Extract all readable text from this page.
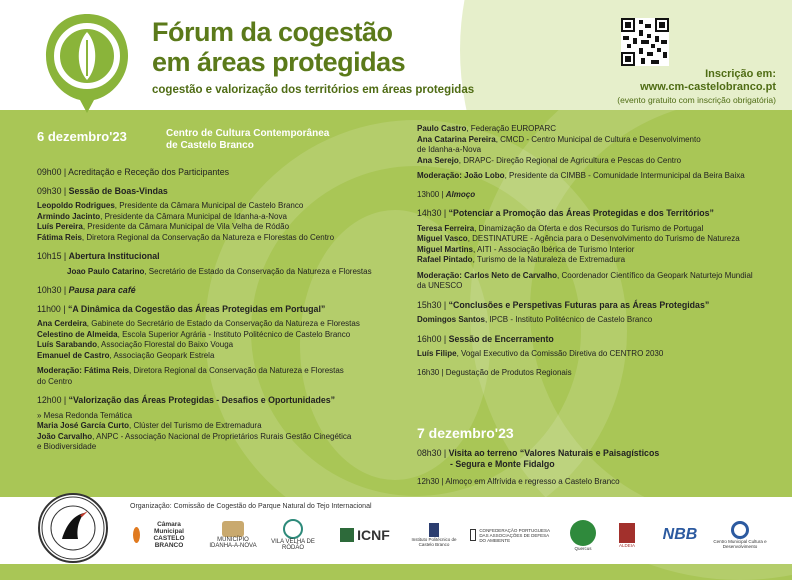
Fórum da cogestão
em áreas protegidas
cogestão e valorização dos territórios em áreas protegidas
Inscrição em:
www.cm-castelobranco.pt
(evento gratuito com inscrição obrigatória)
6 dezembro'23	Centro de Cultura Contemporânea
de Castelo Branco

09h00 | Acreditação e Receção dos Participantes

09h30 | Sessão de Boas-Vindas

Leopoldo Rodrigues, Presidente da Câmara Municipal de Castelo Branco

Armindo Jacinto, Presidente da Câmara Municipal de Idanha-a-Nova

Luís Pereira, Presidente da Câmara Municipal de Vila Velha de Ródão

Fátima Reis, Diretora Regional da Conservação da Natureza e Florestas do Centro

10h15 | Abertura Institucional

Joao Paulo Catarino, Secretário de Estado da Conservação da Natureza e Florestas

10h30 | Pausa para café

11h00 | “A Dinâmica da Cogestão das Áreas Protegidas em Portugal”

Ana Cerdeira, Gabinete do Secretário de Estado da Conservação da Natureza e Florestas

Celestino de Almeida, Escola Superior Agrária - Instituto Politécnico de Castelo Branco

Luís Sarabando, Associação Florestal do Baixo Vouga

Emanuel de Castro, Associação Geopark Estrela

Moderação: Fátima Reis, Diretora Regional da Conservação da Natureza e Florestas

do Centro

12h00 | “Valorização das Áreas Protegidas - Desafios e Oportunidades”

» Mesa Redonda Temática

Maria José García Curto, Clúster del Turismo de Extremadura

João Carvalho, ANPC - Associação Nacional de Proprietários Rurais Gestão Cinegética

e Biodiversidade

Paulo Castro, Federação EUROPARC

Ana Catarina Pereira, CMCD - Centro Municipal de Cultura e Desenvolvimento

de Idanha-a-Nova

Ana Serejo, DRAPC- Direção Regional de Agricultura e Pescas do Centro

Moderação: João Lobo, Presidente da CIMBB - Comunidade Intermunicipal da Beira Baixa

13h00 | Almoço

14h30 | “Potenciar a Promoção das Áreas Protegidas e dos Territórios”

Teresa Ferreira, Dinamização da Oferta e dos Recursos do Turismo de Portugal

Miguel Vasco, DESTINATURE - Agência para o Desenvolvimento do Turismo de Natureza

Miguel Martins, AITI - Associação Ibérica de Turismo Interior

Rafael Pintado, Turismo de la Naturaleza de Extremadura

Moderação: Carlos Neto de Carvalho, Coordenador Científico da Geopark Naturtejo Mundial

da UNESCO

15h30 | “Conclusões e Perspetivas Futuras para as Áreas Protegidas”

Domingos Santos, IPCB - Instituto Politécnico de Castelo Branco

16h00 | Sessão de Encerramento

Luís Filipe, Vogal Executivo da Comissão Diretiva do CENTRO 2030

16h30 | Degustação de Produtos Regionais

7 dezembro'23

08h30 | Visita ao terreno “Valores Naturais e Paisagísticos

- Segura e Monte Fidalgo

12h30 | Almoço em Alfrívida e regresso a Castelo Branco

Organização: Comissão de Cogestão do Parque Natural do Tejo Internacional
Câmara Municipal CASTELO BRANCO
MUNICÍPIO IDANHA-A-NOVA
VILA VELHA DE RÓDÃO
ICNF	Instituto Politécnico de Castelo Branco
CONFEDERAÇÃO PORTUGUESA DAS ASSOCIAÇÕES DE DEFESA DO AMBIENTE
Quercus
ALDEIA
NBB	Centro Municipal Cultura e Desenvolvimento
